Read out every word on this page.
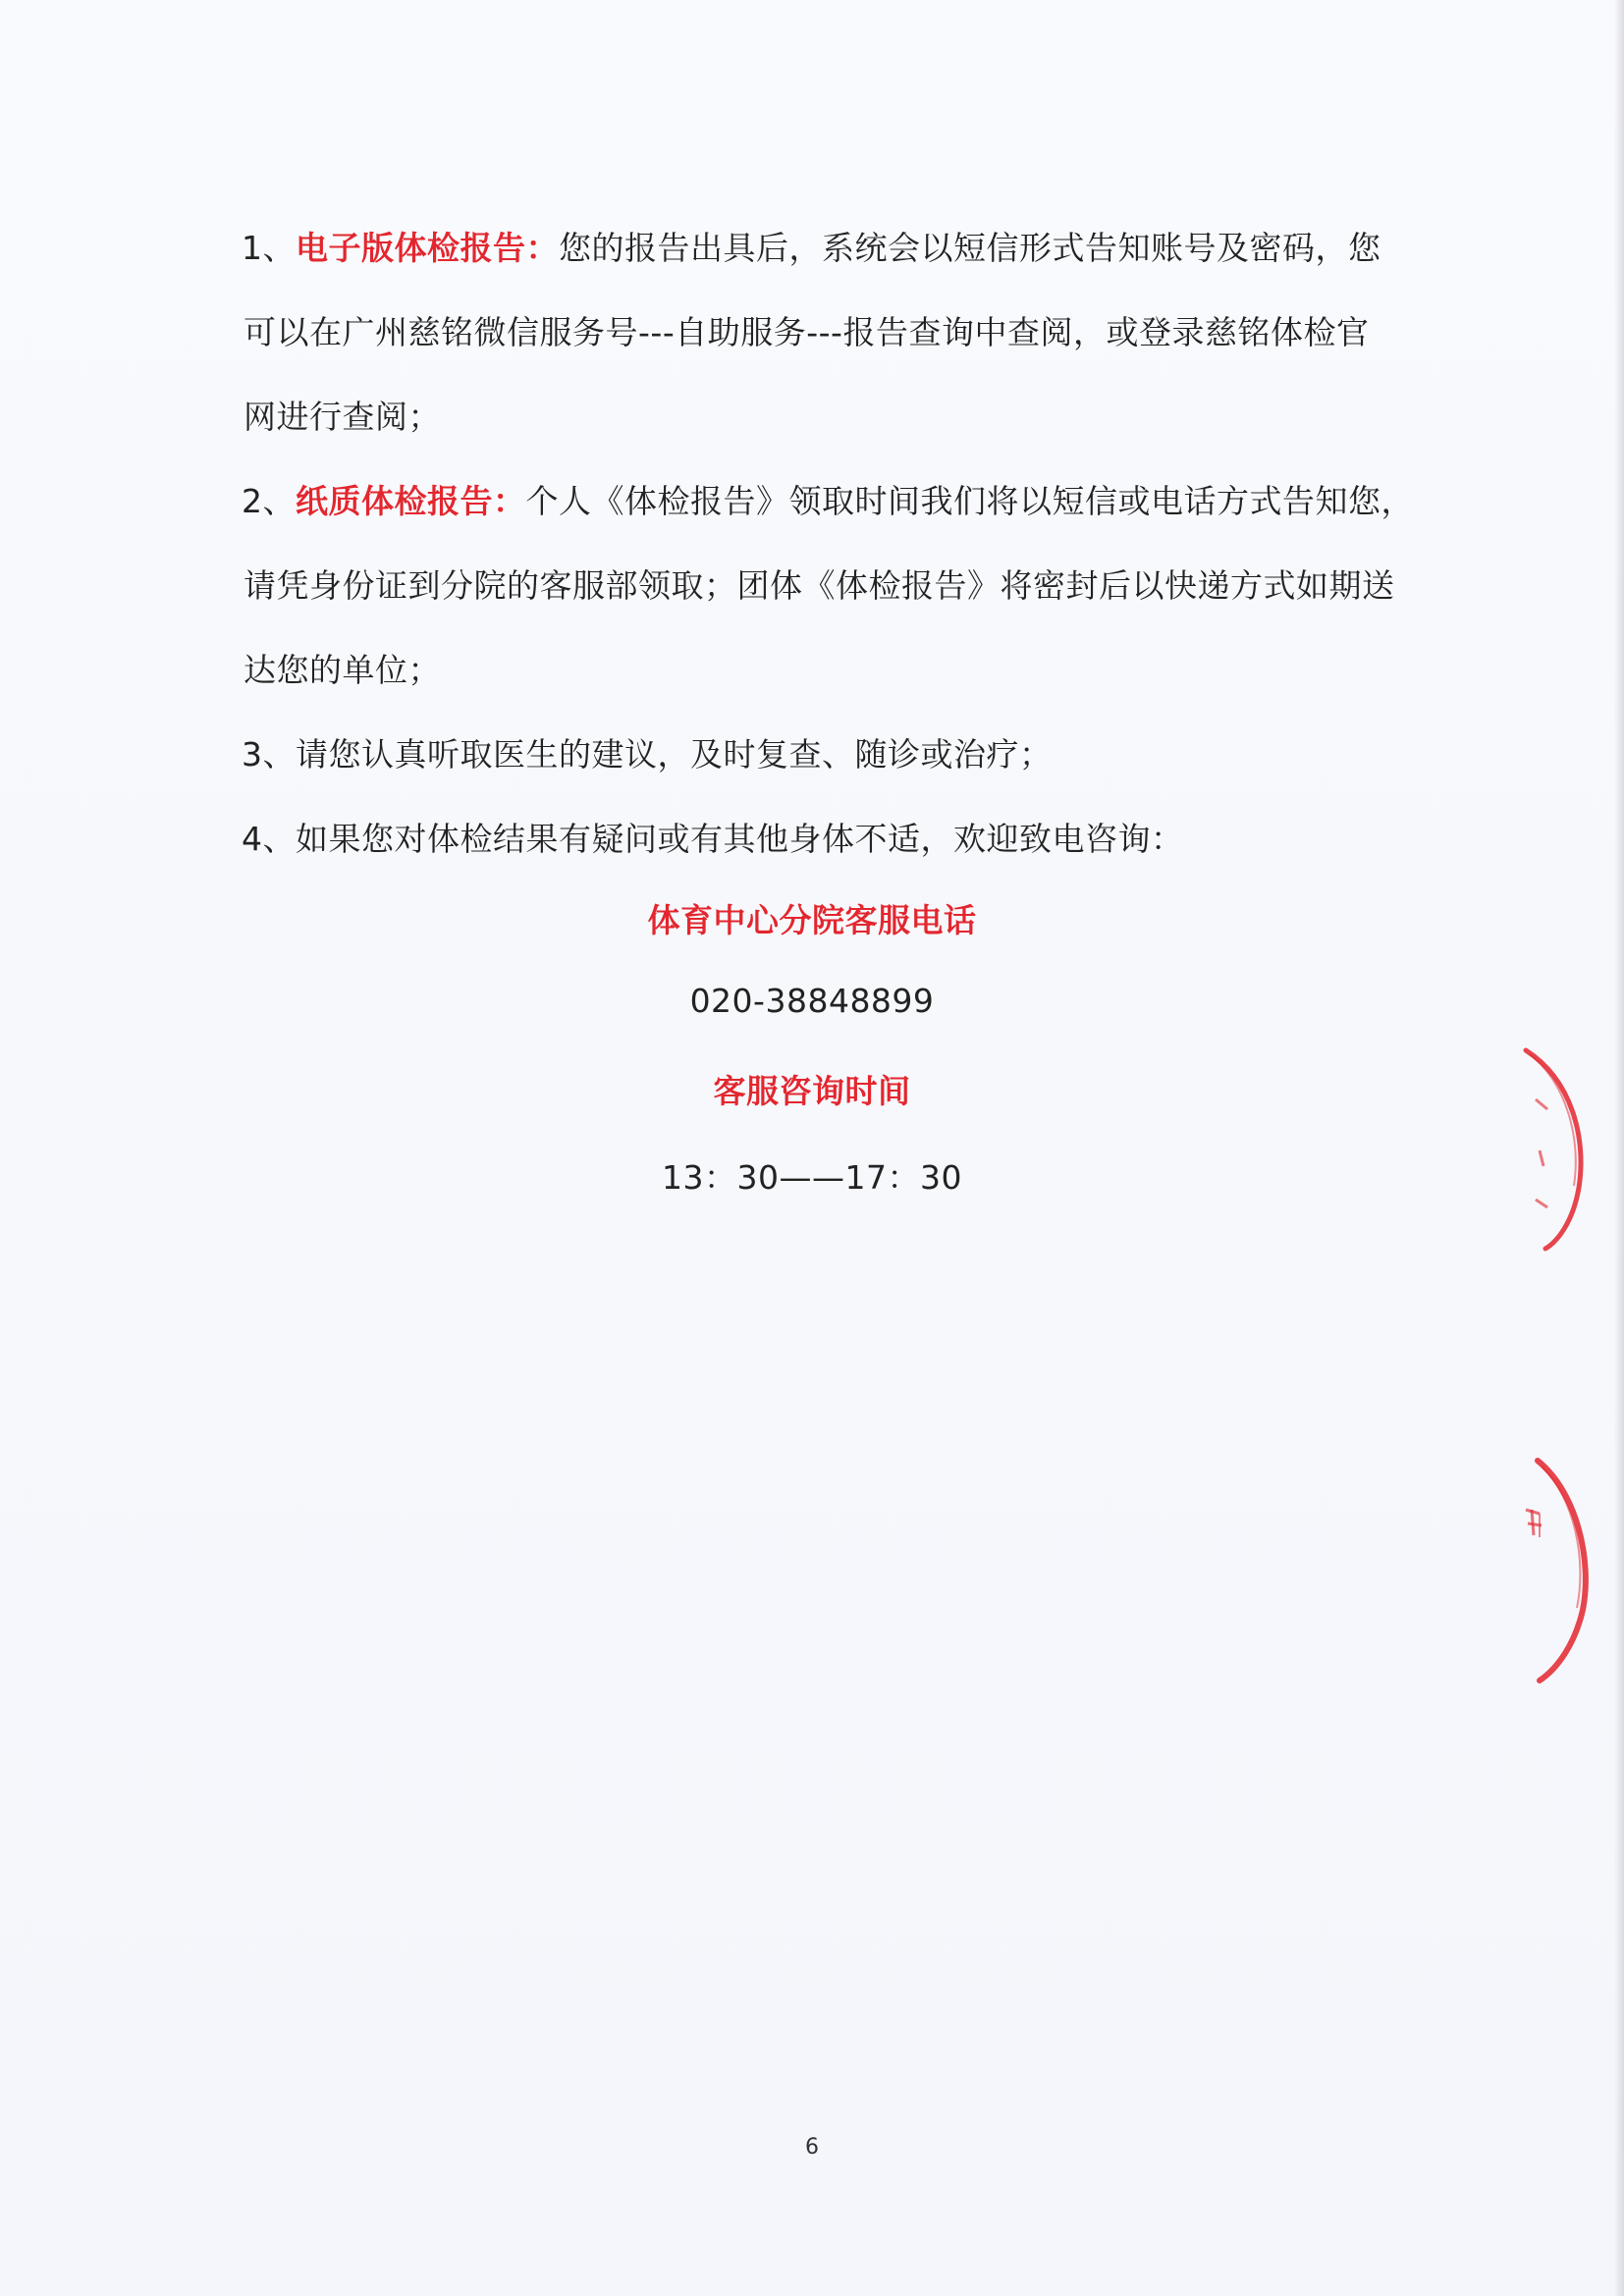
1、电子版体检报告：您的报告出具后，系统会以短信形式告知账号及密码，您
可以在广州慈铭微信服务号---自助服务---报告查询中查阅，或登录慈铭体检官
网进行查阅；

2、纸质体检报告：个人《体检报告》领取时间我们将以短信或电话方式告知您，
请凭身份证到分院的客服部领取；团体《体检报告》将密封后以快递方式如期送
达您的单位；

3、请您认真听取医生的建议，及时复查、随诊或治疗；

4、如果您对体检结果有疑问或有其他身体不适，欢迎致电咨询：

体育中心分院客服电话
020-38848899
客服咨询时间
13：30——17：30
6
